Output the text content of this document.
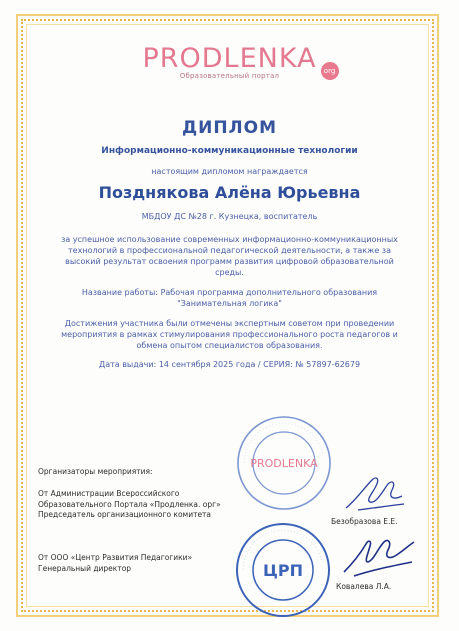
PRODLENKA	org
Образовательный портал
ДИПЛОМ
Информационно-коммуникационные технологии
настоящим дипломом награждается
Позднякова Алёна Юрьевна
МБДОУ ДС №28 г. Кузнецка, воспитатель
за успешное использование современных информационно-коммуникационных технологий в профессиональной педагогической деятельности, а также за высокий результат освоения программ развития цифровой образовательной среды.
Название работы: Рабочая программа дополнительного образования
"Занимательная логика"
Достижения участника были отмечены экспертным советом при проведении мероприятия в рамках стимулирования профессионального роста педагогов и обмена опытом специалистов образования.
Дата выдачи: 14 сентября 2025 года / СЕРИЯ: № 57897-62679
· · · · · · · · · · · · · · · · · · · · · · · · · · · · · · · · · · ·
PRODLENKA
· · · · · · · · · · · · · · · · · · · · · · · · · · · · · · · · · · ·
ЦРП
Организаторы мероприятия:
От Администрации Всероссийского
Образовательного Портала «Продленка. орг»
Председатель организационного комитета
От ООО «Центр Развития Педагогики»
Генеральный директор
Безобразова Е.Е.
Ковалева Л.А.
